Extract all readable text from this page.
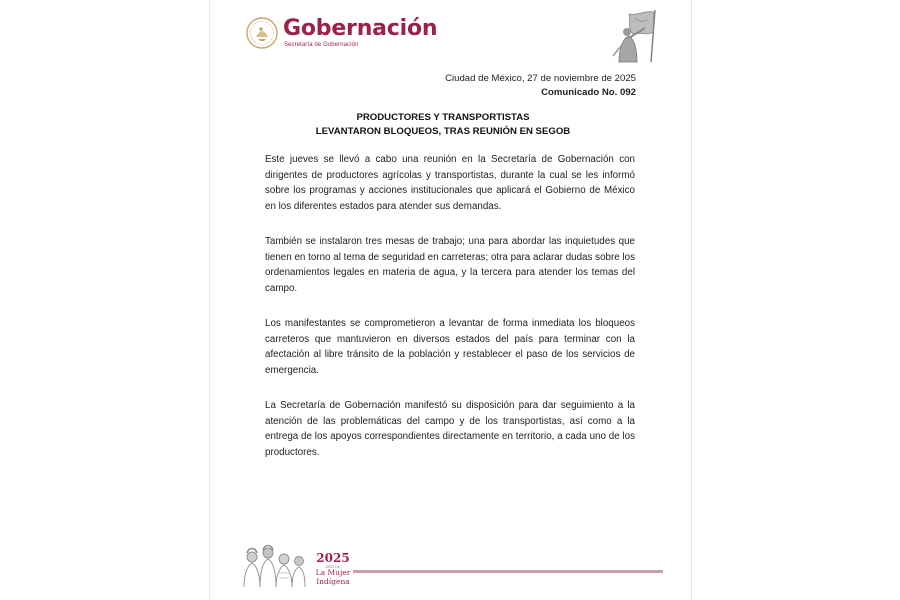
Gobernación
Secretaría de Gobernación
Ciudad de México, 27 de noviembre de 2025
Comunicado No. 092
PRODUCTORES Y TRANSPORTISTAS
LEVANTARON BLOQUEOS, TRAS REUNIÓN EN SEGOB

Este jueves se llevó a cabo una reunión en la Secretaría de Gobernación con dirigentes de productores agrícolas y transportistas, durante la cual se les informó sobre los programas y acciones institucionales que aplicará el Gobierno de México en los diferentes estados para atender sus demandas.

También se instalaron tres mesas de trabajo; una para abordar las inquietudes que tienen en torno al tema de seguridad en carreteras; otra para aclarar dudas sobre los ordenamientos legales en materia de agua, y la tercera para atender los temas del campo.

Los manifestantes se comprometieron a levantar de forma inmediata los bloqueos carreteros que mantuvieron en diversos estados del país para terminar con la afectación al libre tránsito de la población y restablecer el paso de los servicios de emergencia.

La Secretaría de Gobernación manifestó su disposición para dar seguimiento a la atención de las problemáticas del campo y de los transportistas, así como a la entrega de los apoyos correspondientes directamente en territorio, a cada uno de los productores.

2025
AÑO DE
La Mujer
Indígena
